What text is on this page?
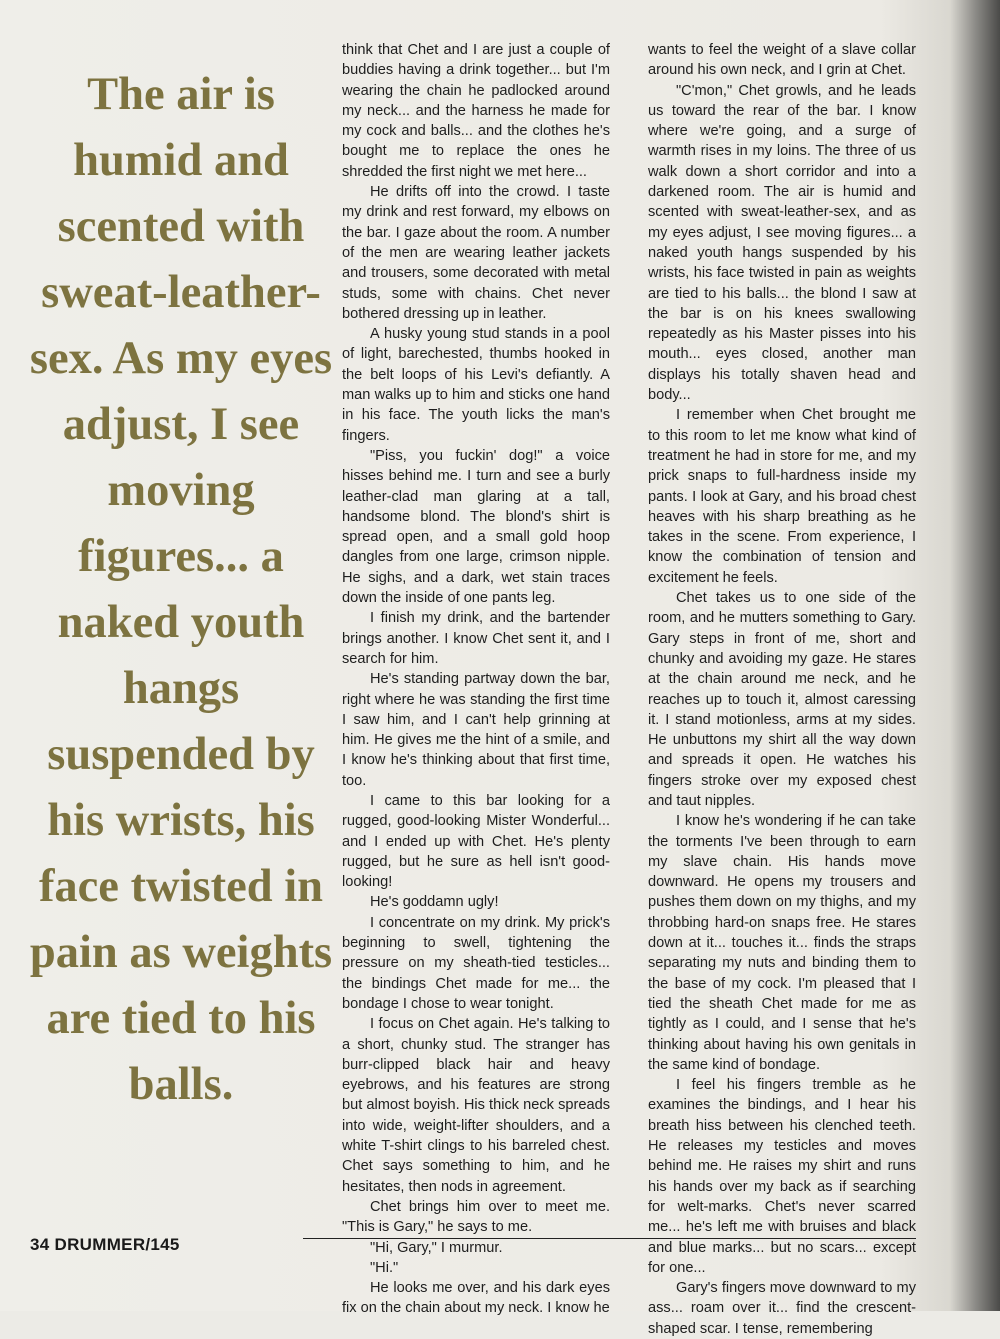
The air is humid and scented with sweat-leather-sex. As my eyes adjust, I see moving figures... a naked youth hangs suspended by his wrists, his face twisted in pain as weights are tied to his balls.

think that Chet and I are just a couple of buddies having a drink together... but I'm wearing the chain he padlocked around my neck... and the harness he made for my cock and balls... and the clothes he's bought me to replace the ones he shredded the first night we met here...

He drifts off into the crowd. I taste my drink and rest forward, my elbows on the bar. I gaze about the room. A number of the men are wearing leather jackets and trousers, some decorated with metal studs, some with chains. Chet never bothered dressing up in leather.

A husky young stud stands in a pool of light, barechested, thumbs hooked in the belt loops of his Levi's defiantly. A man walks up to him and sticks one hand in his face. The youth licks the man's fingers.

"Piss, you fuckin' dog!" a voice hisses behind me. I turn and see a burly leather-clad man glaring at a tall, handsome blond. The blond's shirt is spread open, and a small gold hoop dangles from one large, crimson nipple. He sighs, and a dark, wet stain traces down the inside of one pants leg.

I finish my drink, and the bartender brings another. I know Chet sent it, and I search for him.

He's standing partway down the bar, right where he was standing the first time I saw him, and I can't help grinning at him. He gives me the hint of a smile, and I know he's thinking about that first time, too.

I came to this bar looking for a rugged, good-looking Mister Wonderful... and I ended up with Chet. He's plenty rugged, but he sure as hell isn't good-looking!

He's goddamn ugly!

I concentrate on my drink. My prick's beginning to swell, tightening the pressure on my sheath-tied testicles... the bindings Chet made for me... the bondage I chose to wear tonight.

I focus on Chet again. He's talking to a short, chunky stud. The stranger has burr-clipped black hair and heavy eyebrows, and his features are strong but almost boyish. His thick neck spreads into wide, weight-lifter shoulders, and a white T-shirt clings to his barreled chest. Chet says something to him, and he hesitates, then nods in agreement.

Chet brings him over to meet me. "This is Gary," he says to me.

"Hi, Gary," I murmur.

"Hi."

He looks me over, and his dark eyes fix on the chain about my neck. I know he

wants to feel the weight of a slave collar around his own neck, and I grin at Chet.

"C'mon," Chet growls, and he leads us toward the rear of the bar. I know where we're going, and a surge of warmth rises in my loins. The three of us walk down a short corridor and into a darkened room. The air is humid and scented with sweat-leather-sex, and as my eyes adjust, I see moving figures... a naked youth hangs suspended by his wrists, his face twisted in pain as weights are tied to his balls... the blond I saw at the bar is on his knees swallowing repeatedly as his Master pisses into his mouth... eyes closed, another man displays his totally shaven head and body...

I remember when Chet brought me to this room to let me know what kind of treatment he had in store for me, and my prick snaps to full-hardness inside my pants. I look at Gary, and his broad chest heaves with his sharp breathing as he takes in the scene. From experience, I know the combination of tension and excitement he feels.

Chet takes us to one side of the room, and he mutters something to Gary. Gary steps in front of me, short and chunky and avoiding my gaze. He stares at the chain around me neck, and he reaches up to touch it, almost caressing it. I stand motionless, arms at my sides. He unbuttons my shirt all the way down and spreads it open. He watches his fingers stroke over my exposed chest and taut nipples.

I know he's wondering if he can take the torments I've been through to earn my slave chain. His hands move downward. He opens my trousers and pushes them down on my thighs, and my throbbing hard-on snaps free. He stares down at it... touches it... finds the straps separating my nuts and binding them to the base of my cock. I'm pleased that I tied the sheath Chet made for me as tightly as I could, and I sense that he's thinking about having his own genitals in the same kind of bondage.

I feel his fingers tremble as he examines the bindings, and I hear his breath hiss between his clenched teeth. He releases my testicles and moves behind me. He raises my shirt and runs his hands over my back as if searching for welt-marks. Chet's never scarred me... he's left me with bruises and black and blue marks... but no scars... except for one...

Gary's fingers move downward to my ass... roam over it... find the crescent-shaped scar. I tense, remembering

34 DRUMMER/145
